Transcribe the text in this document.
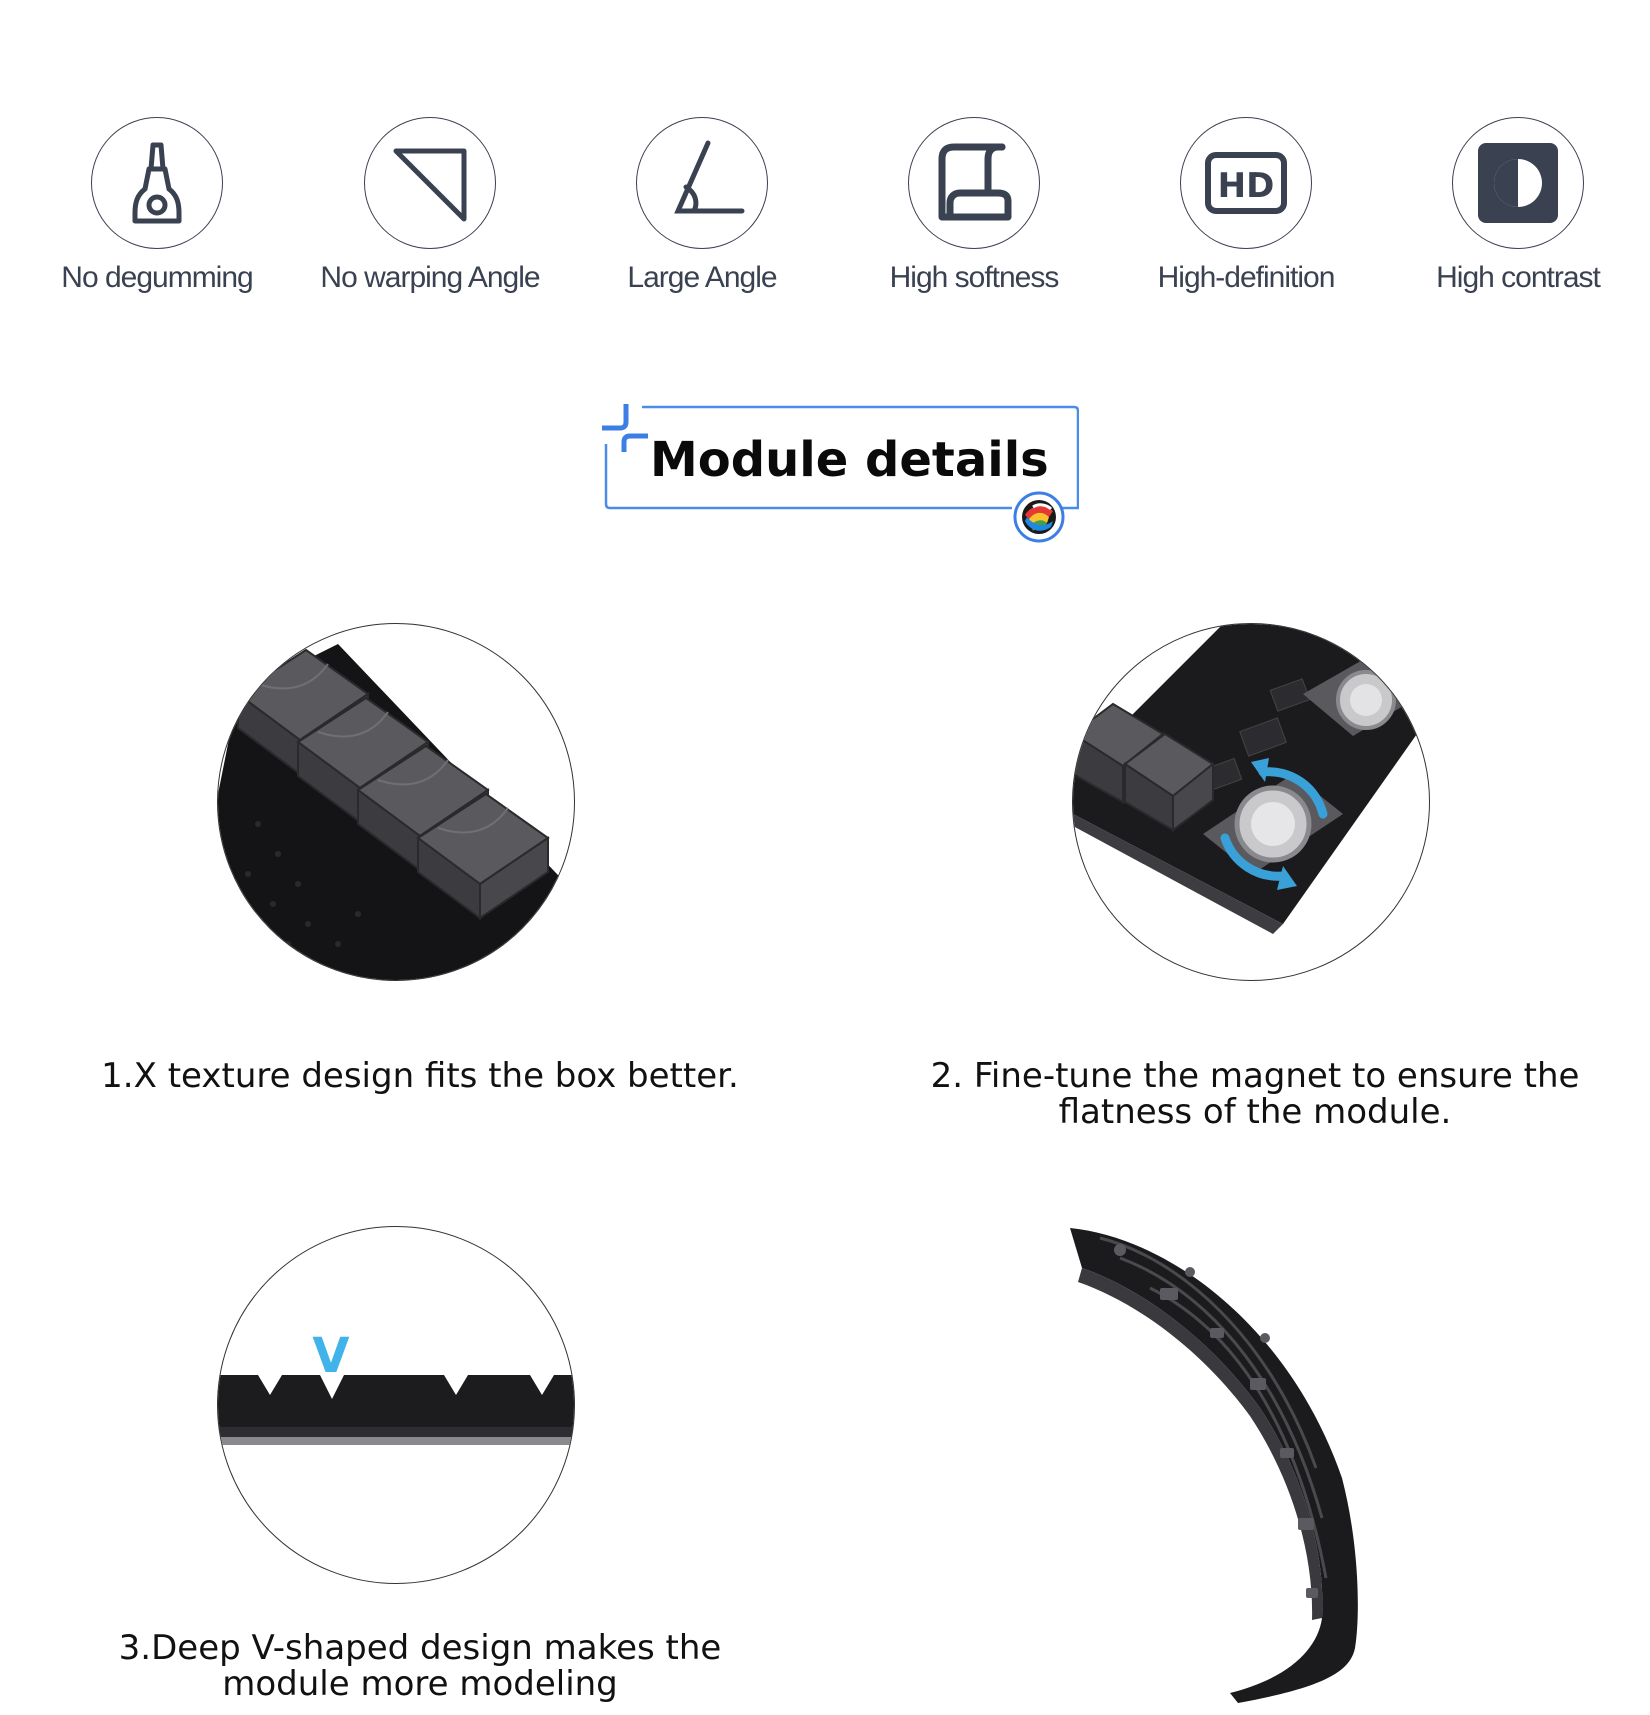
No degumming	No warping Angle	Large Angle	High softness
HD
High-definition	High contrast
Module details
1.X texture design fits the box better.	2. Fine-tune the magnet to ensure the
flatness of the module.
V
3.Deep V-shaped design makes the
module more modeling
